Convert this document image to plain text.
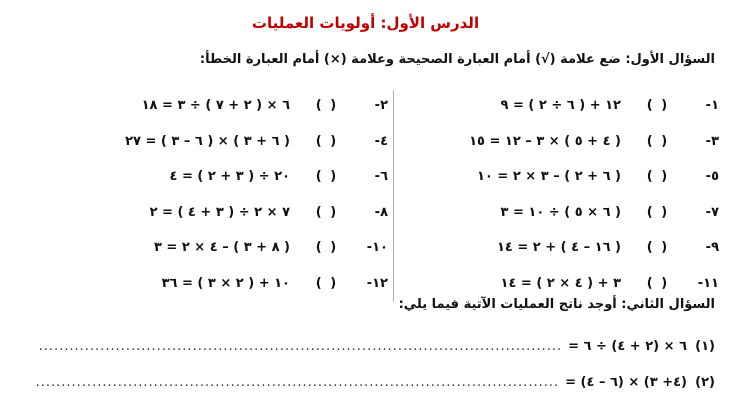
الدرس الأول: أولويات العمليات
السؤال الأول: ضع علامة (√) أمام العبارة الصحيحة وعلامة (×) أمام العبارة الخطأ:
١-
( )
١٢ + ( ٦ ÷ ٢ ) = ٩
٣-
( )
( ٤ + ٥ ) × ٣ – ١٢ = ١٥
٥-
( )
( ٦ + ٢ ) – ٣ × ٢ = ١٠
٧-
( )
( ٦ × ٥ ) ÷ ١٠ = ٣
٩-
( )
( ١٦ – ٤ ) + ٢ = ١٤
١١-
( )
٣ + ( ٤ × ٢ ) = ١٤
٢-
( )
٦ × ( ٢ + ٧ ) ÷ ٣ = ١٨
٤-
( )
( ٦ + ٣ ) × ( ٦ – ٣ ) = ٢٧
٦-
( )
٢٠ ÷ ( ٣ + ٢ ) = ٤
٨-
( )
٧ × ٢ ÷ ( ٣ + ٤ ) = ٢
١٠-
( )
( ٨ + ٣ ) – ٤ × ٢ = ٣
١٢-
( )
١٠ + ( ٢ × ٣ ) = ٣٦
السؤال الثاني: أوجد ناتج العمليات الآتية فيما يلي:
(١)
٦ × (٢ + ٤) ÷ ٦ =
......................................................................................................
(٢)
(٤+ ٣) × (٦ – ٤) =
......................................................................................................
